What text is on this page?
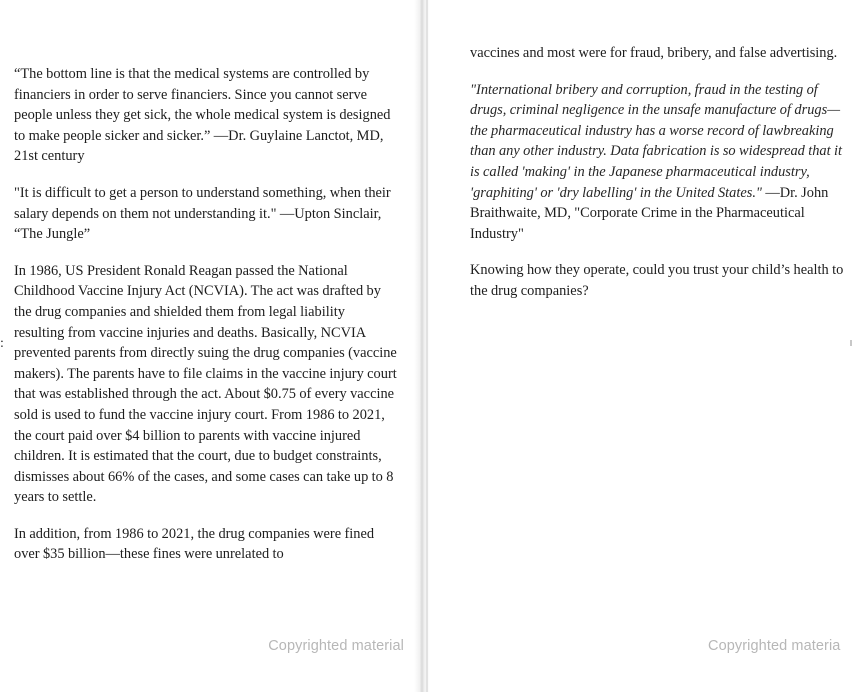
“The bottom line is that the medical systems are controlled by financiers in order to serve financiers. Since you cannot serve people unless they get sick, the whole medical system is designed to make people sicker and sicker.” —Dr. Guylaine Lanctot, MD, 21st century

"It is difficult to get a person to understand something, when their salary depends on them not understanding it." —Upton Sinclair, “The Jungle”

In 1986, US President Ronald Reagan passed the National Childhood Vaccine Injury Act (NCVIA). The act was drafted by the drug companies and shielded them from legal liability resulting from vaccine injuries and deaths. Basically, NCVIA prevented parents from directly suing the drug companies (vaccine makers). The parents have to file claims in the vaccine injury court that was established through the act. About $0.75 of every vaccine sold is used to fund the vaccine injury court. From 1986 to 2021, the court paid over $4 billion to parents with vaccine injured children. It is estimated that the court, due to budget constraints, dismisses about 66% of the cases, and some cases can take up to 8 years to settle.

In addition, from 1986 to 2021, the drug companies were fined over $35 billion—these fines were unrelated to

:
Copyrighted material

vaccines and most were for fraud, bribery, and false advertising.

"International bribery and corruption, fraud in the testing of drugs, criminal negligence in the unsafe manufacture of drugs—the pharmaceutical industry has a worse record of lawbreaking than any other industry. Data fabrication is so widespread that it is called 'making' in the Japanese pharmaceutical industry, 'graphiting' or 'dry labelling' in the United States." —Dr. John Braithwaite, MD, "Corporate Crime in the Pharmaceutical Industry"

Knowing how they operate, could you trust your child’s health to the drug companies?

Copyrighted materia
